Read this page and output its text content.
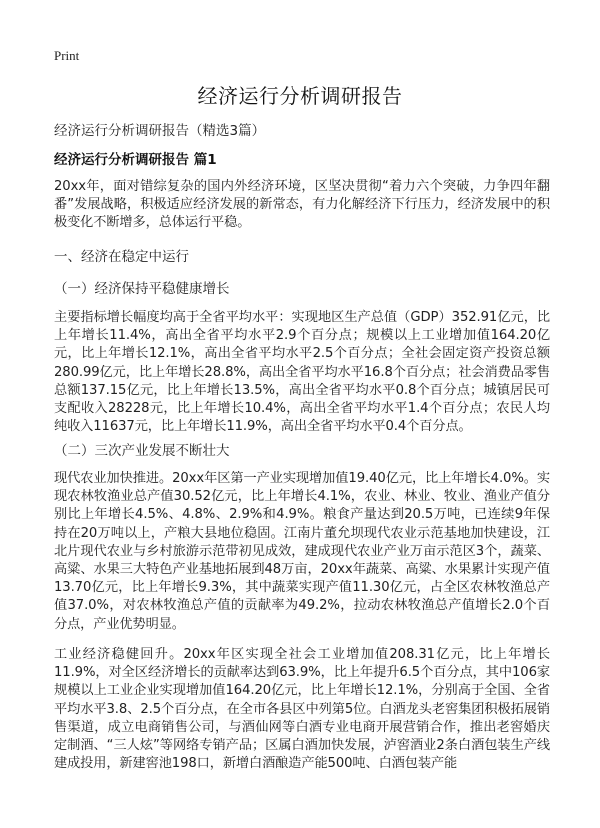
Print
经济运行分析调研报告
经济运行分析调研报告（精选3篇）
经济运行分析调研报告 篇1
20xx年，面对错综复杂的国内外经济环境，区坚决贯彻“着力六个突破，力争四年翻番”发展战略，积极适应经济发展的新常态，有力化解经济下行压力，经济发展中的积极变化不断增多，总体运行平稳。
一、经济在稳定中运行
（一）经济保持平稳健康增长
主要指标增长幅度均高于全省平均水平：实现地区生产总值（GDP）352.91亿元，比上年增长11.4%，高出全省平均水平2.9个百分点；规模以上工业增加值164.20亿元，比上年增长12.1%，高出全省平均水平2.5个百分点；全社会固定资产投资总额280.99亿元，比上年增长28.8%，高出全省平均水平16.8个百分点；社会消费品零售总额137.15亿元，比上年增长13.5%，高出全省平均水平0.8个百分点；城镇居民可支配收入28228元，比上年增长10.4%，高出全省平均水平1.4个百分点；农民人均纯收入11637元，比上年增长11.9%，高出全省平均水平0.4个百分点。
（二）三次产业发展不断壮大
现代农业加快推进。20xx年区第一产业实现增加值19.40亿元，比上年增长4.0%。实现农林牧渔业总产值30.52亿元，比上年增长4.1%，农业、林业、牧业、渔业产值分别比上年增长4.5%、4.8%、2.9%和4.9%。粮食产量达到20.5万吨，已连续9年保持在20万吨以上，产粮大县地位稳固。江南片董允坝现代农业示范基地加快建设，江北片现代农业与乡村旅游示范带初见成效，建成现代农业产业万亩示范区3个，蔬菜、高粱、水果三大特色产业基地拓展到48万亩，20xx年蔬菜、高粱、水果累计实现产值13.70亿元，比上年增长9.3%，其中蔬菜实现产值11.30亿元，占全区农林牧渔总产值37.0%，对农林牧渔总产值的贡献率为49.2%，拉动农林牧渔总产值增长2.0个百分点，产业优势明显。
工业经济稳健回升。20xx年区实现全社会工业增加值208.31亿元，比上年增长11.9%，对全区经济增长的贡献率达到63.9%，比上年提升6.5个百分点，其中106家规模以上工业企业实现增加值164.20亿元，比上年增长12.1%，分别高于全国、全省平均水平3.8、2.5个百分点，在全市各县区中列第5位。白酒龙头老窖集团积极拓展销售渠道，成立电商销售公司，与酒仙网等白酒专业电商开展营销合作，推出老窖婚庆定制酒、“三人炫”等网络专销产品；区属白酒加快发展，泸窖酒业2条白酒包装生产线建成投用，新建窖池198口，新增白酒酿造产能500吨、白酒包装产能
